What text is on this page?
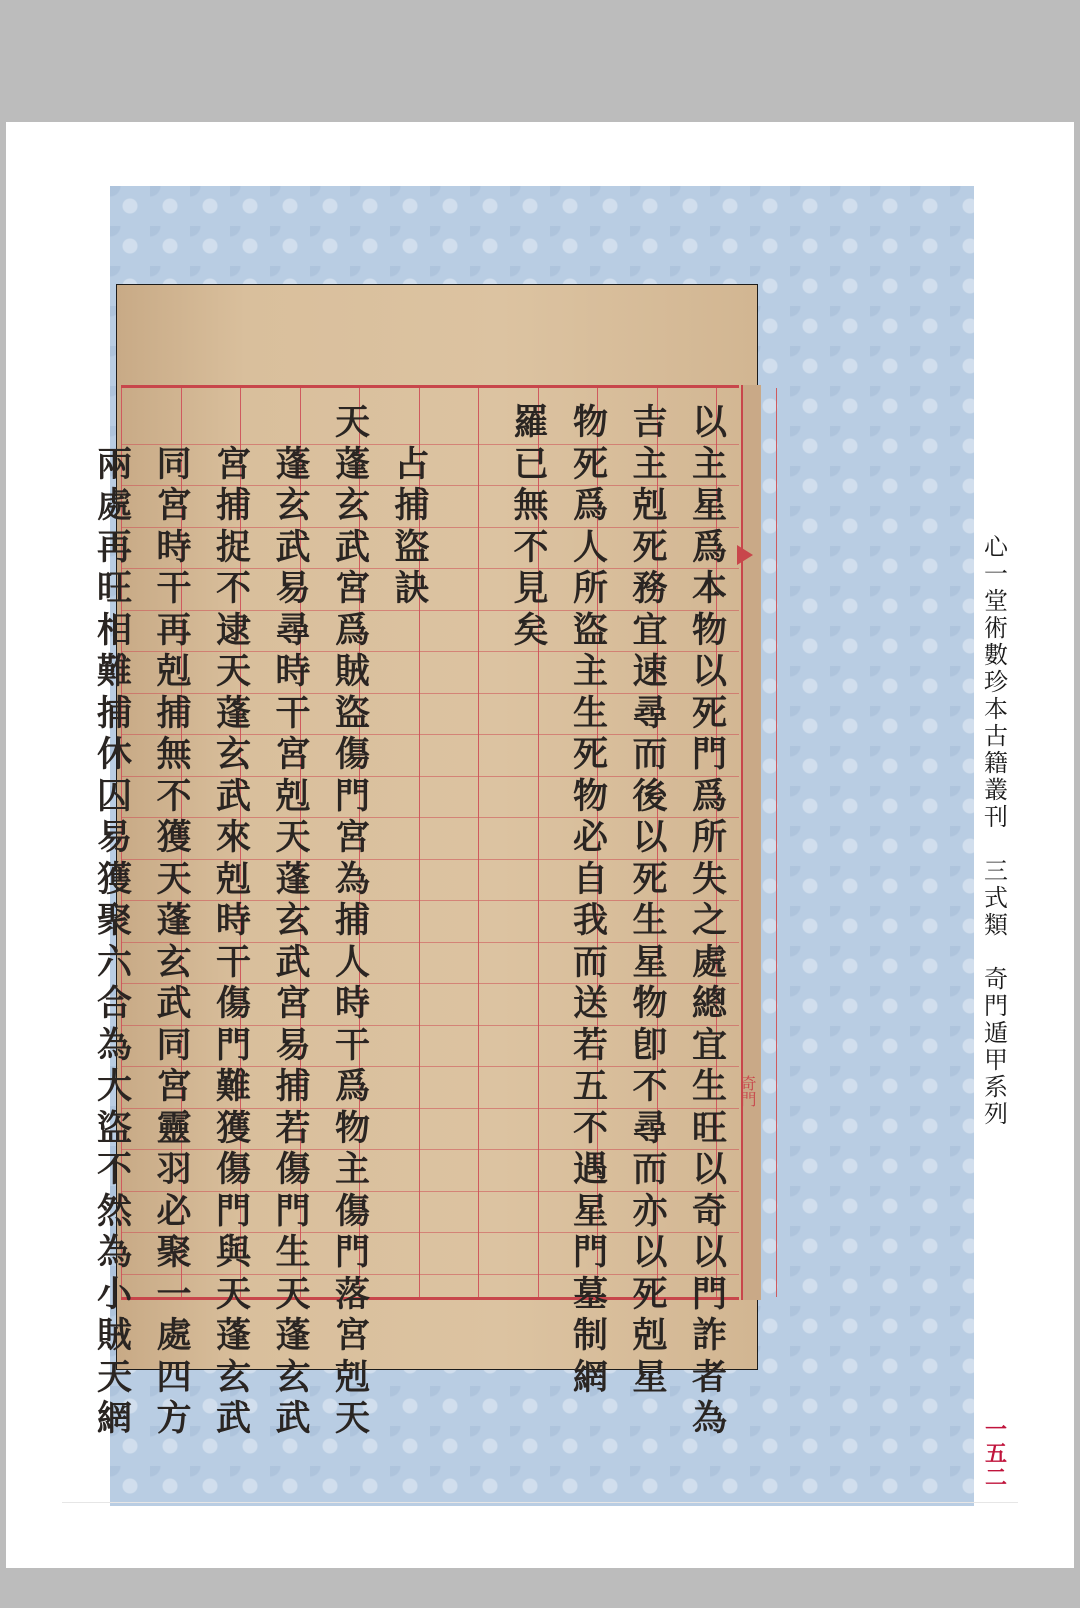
以
主
星
爲
本
物
以
死
門
爲
所
失
之
處
總
宜
生
旺
以
奇
以
門
詐
者
為
吉
主
剋
死
務
宜
速
尋
而
後
以
死
生
星
物
卽
不
尋
而
亦
以
死
剋
星
物
死
爲
人
所
盜
主
生
死
物
必
自
我
而
送
若
五
不
遇
星
門
墓
制
網
羅
已
無
不
見
矣
占
捕
盜
訣
天
蓬
玄
武
宮
爲
賊
盜
傷
門
宮
為
捕
人
時
干
爲
物
主
傷
門
落
宮
剋
天
蓬
玄
武
易
尋
時
干
宮
剋
天
蓬
玄
武
宮
易
捕
若
傷
門
生
天
蓬
玄
武
宮
捕
捉
不
逮
天
蓬
玄
武
來
剋
時
干
傷
門
難
獲
傷
門
與
天
蓬
玄
武
同
宮
時
干
再
剋
捕
無
不
獲
天
蓬
玄
武
同
宮
靈
羽
必
聚
一
處
四
方
兩
處
再
旺
相
難
捕
休
囚
易
獲
聚
六
合
為
大
盜
不
然
為
小
賊
天
網
奇門
心
一
堂
術
數
珍
本
古
籍
叢
刊

三
式
類

奇
門
遁
甲
系
列
一
五
二
